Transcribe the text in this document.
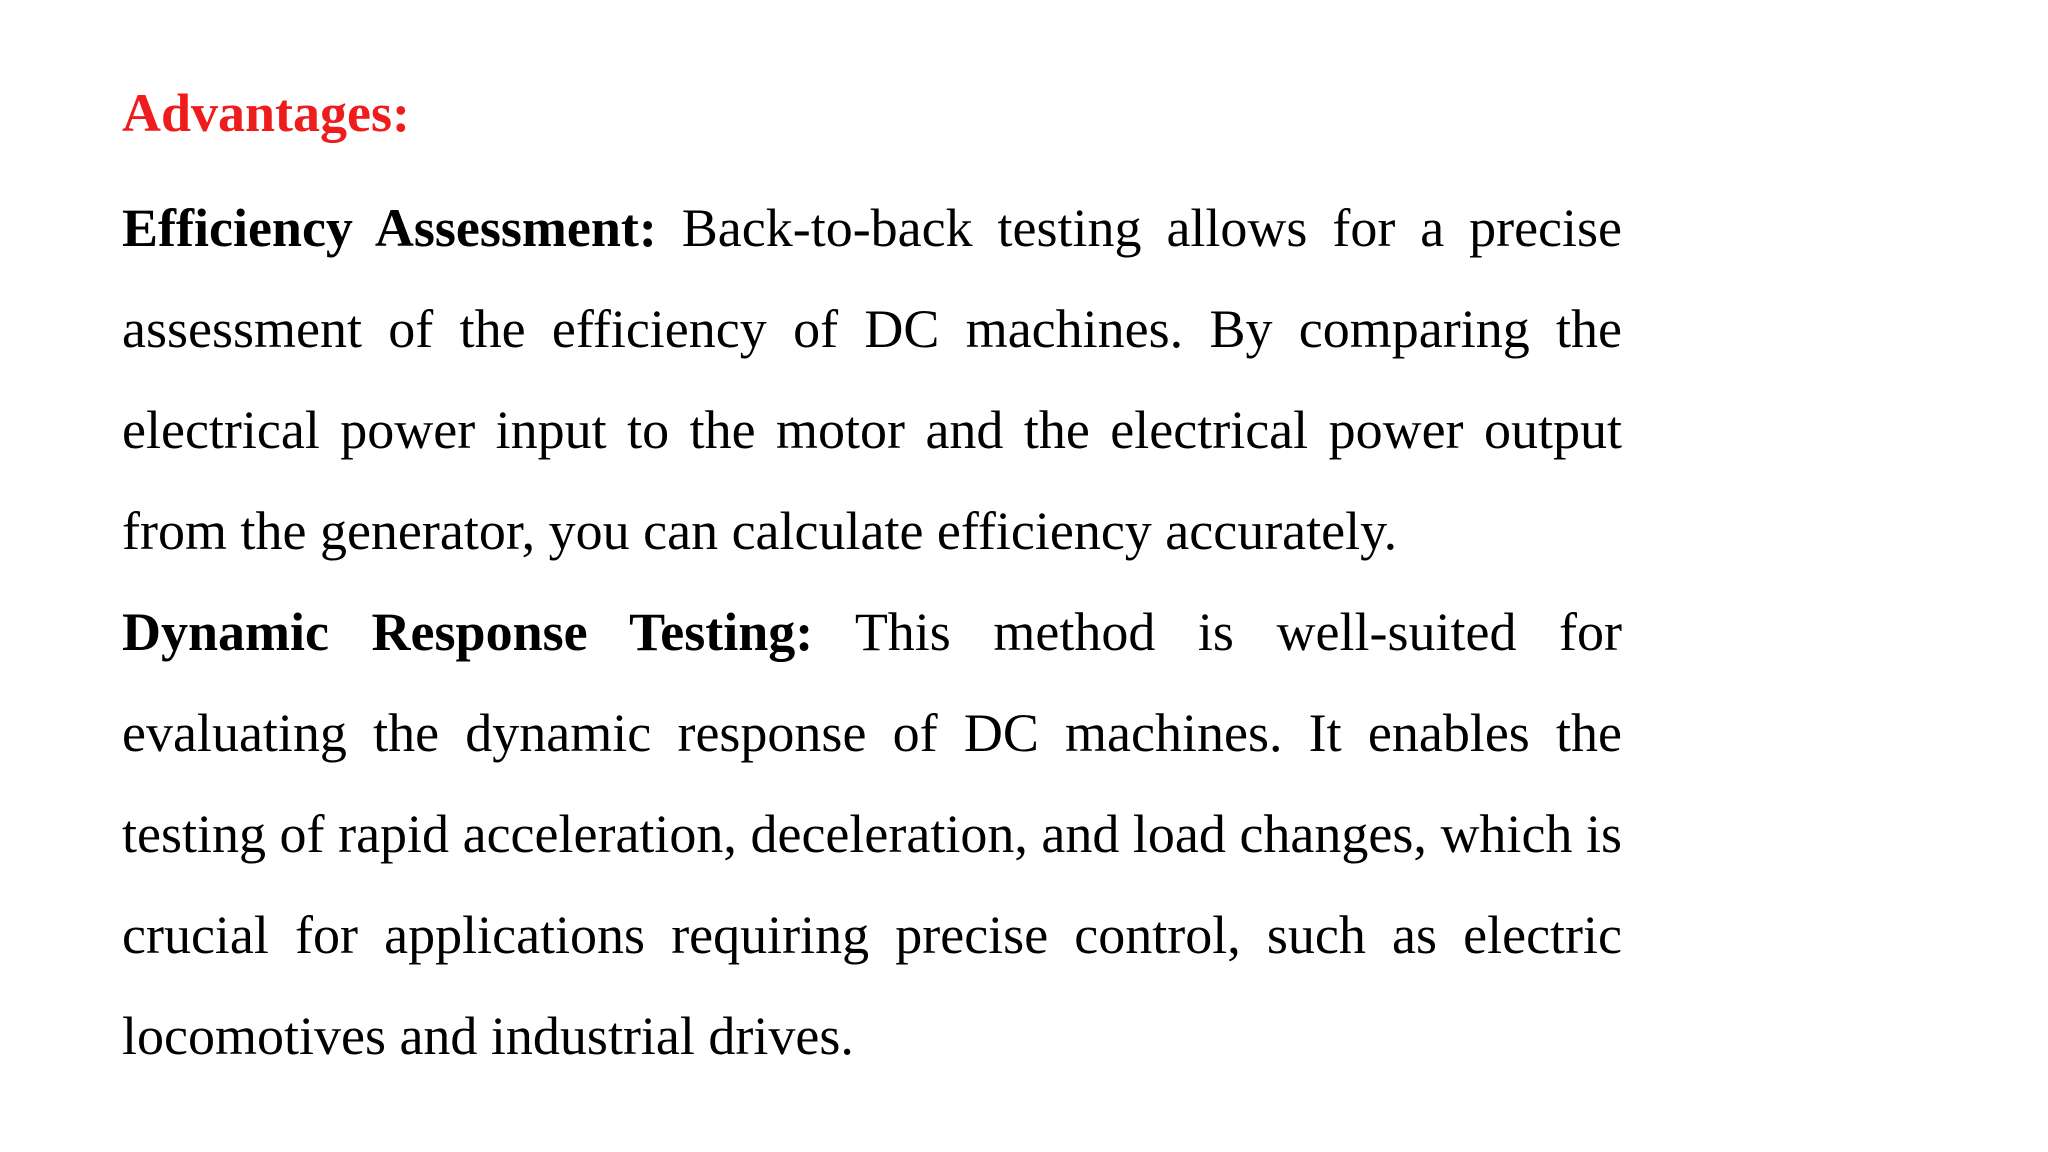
Advantages:

Efficiency Assessment: Back-to-back testing allows for a precise assessment of the efficiency of DC machines. By comparing the electrical power input to the motor and the electrical power output from the generator, you can calculate efficiency accurately.

Dynamic Response Testing: This method is well-suited for evaluating the dynamic response of DC machines. It enables the testing of rapid acceleration, deceleration, and load changes, which is crucial for applications requiring precise control, such as electric locomotives and industrial drives.
